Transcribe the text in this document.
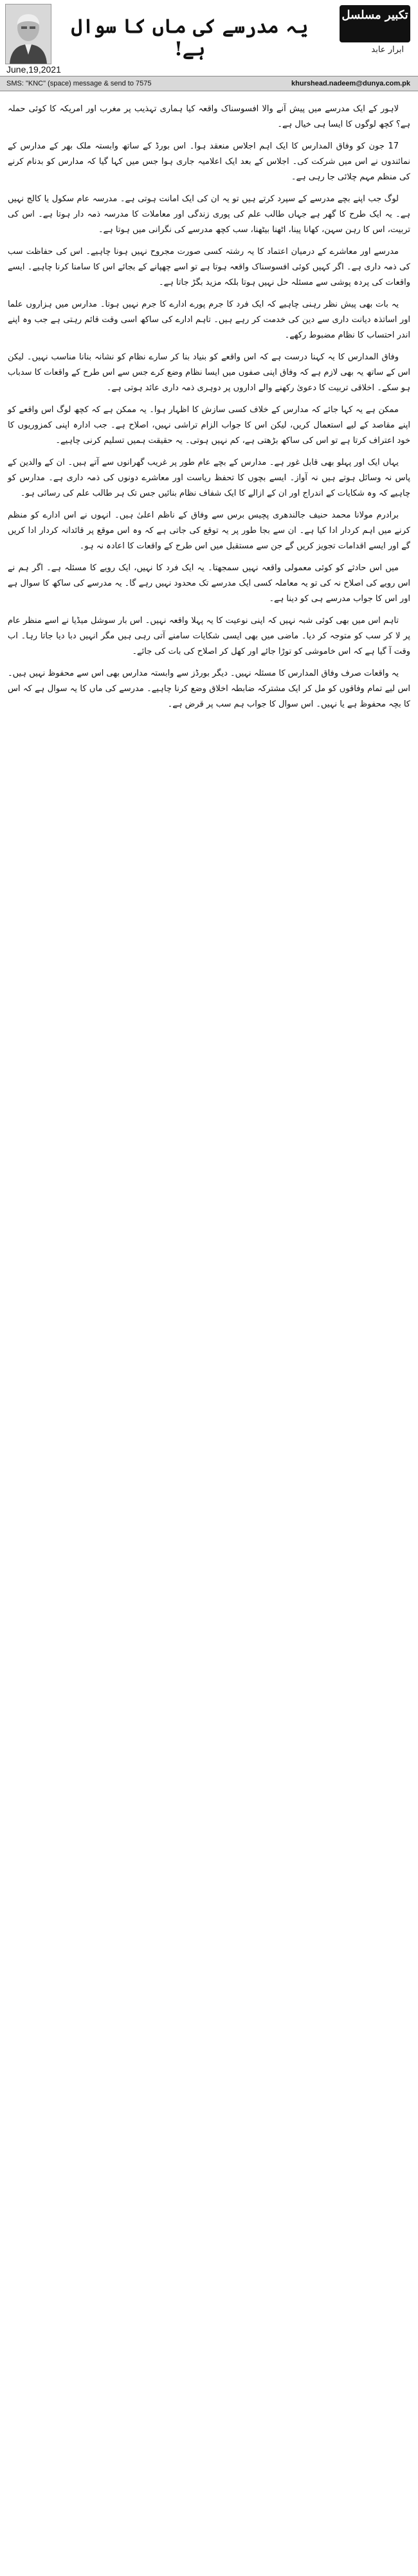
یہ مدرسے کی ماں کا سوال ہے!
تکبیر مسلسل
ابرار عابد
June,19,2021
SMS: "KNC" (space) message & send to 7575	khurshead.nadeem@dunya.com.pk

لاہور کے ایک مدرسے میں پیش آنے والا افسوسناک واقعہ کیا ہماری تہذیب پر مغرب اور امریکہ کا کوئی حملہ ہے؟ کچھ لوگوں کا ایسا ہی خیال ہے۔

17 جون کو وفاق المدارس کا ایک اہم اجلاس منعقد ہوا۔ اس بورڈ کے ساتھ وابستہ ملک بھر کے مدارس کے نمائندوں نے اس میں شرکت کی۔ اجلاس کے بعد ایک اعلامیہ جاری ہوا جس میں کہا گیا کہ مدارس کو بدنام کرنے کی منظم مہم چلائی جا رہی ہے۔

لوگ جب اپنے بچے مدرسے کے سپرد کرتے ہیں تو یہ ان کی ایک امانت ہوتی ہے۔ مدرسہ عام سکول یا کالج نہیں ہے۔ یہ ایک طرح کا گھر ہے جہاں طالب علم کی پوری زندگی اور معاملات کا مدرسہ ذمہ دار ہوتا ہے۔ اس کی تربیت، اس کا رہن سہن، کھانا پینا، اٹھنا بیٹھنا، سب کچھ مدرسے کی نگرانی میں ہوتا ہے۔

مدرسے اور معاشرے کے درمیان اعتماد کا یہ رشتہ کسی صورت مجروح نہیں ہونا چاہیے۔ اس کی حفاظت سب کی ذمہ داری ہے۔ اگر کہیں کوئی افسوسناک واقعہ ہوتا ہے تو اسے چھپانے کے بجائے اس کا سامنا کرنا چاہیے۔ ایسے واقعات کی پردہ پوشی سے مسئلہ حل نہیں ہوتا بلکہ مزید بگڑ جاتا ہے۔

یہ بات بھی پیش نظر رہنی چاہیے کہ ایک فرد کا جرم پورے ادارے کا جرم نہیں ہوتا۔ مدارس میں ہزاروں علما اور اساتذہ دیانت داری سے دین کی خدمت کر رہے ہیں۔ تاہم ادارے کی ساکھ اسی وقت قائم رہتی ہے جب وہ اپنے اندر احتساب کا نظام مضبوط رکھے۔

وفاق المدارس کا یہ کہنا درست ہے کہ اس واقعے کو بنیاد بنا کر سارے نظام کو نشانہ بنانا مناسب نہیں۔ لیکن اس کے ساتھ یہ بھی لازم ہے کہ وفاق اپنی صفوں میں ایسا نظام وضع کرے جس سے اس طرح کے واقعات کا سدباب ہو سکے۔ اخلاقی تربیت کا دعویٰ رکھنے والے اداروں پر دوہری ذمہ داری عائد ہوتی ہے۔

ممکن ہے یہ کہا جائے کہ مدارس کے خلاف کسی سازش کا اظہار ہوا۔ یہ ممکن ہے کہ کچھ لوگ اس واقعے کو اپنے مقاصد کے لیے استعمال کریں، لیکن اس کا جواب الزام تراشی نہیں، اصلاح ہے۔ جب ادارہ اپنی کمزوریوں کا خود اعتراف کرتا ہے تو اس کی ساکھ بڑھتی ہے، کم نہیں ہوتی۔ یہ حقیقت ہمیں تسلیم کرنی چاہیے۔

یہاں ایک اور پہلو بھی قابل غور ہے۔ مدارس کے بچے عام طور پر غریب گھرانوں سے آتے ہیں۔ ان کے والدین کے پاس نہ وسائل ہوتے ہیں نہ آواز۔ ایسے بچوں کا تحفظ ریاست اور معاشرے دونوں کی ذمہ داری ہے۔ مدارس کو چاہیے کہ وہ شکایات کے اندراج اور ان کے ازالے کا ایک شفاف نظام بنائیں جس تک ہر طالب علم کی رسائی ہو۔

برادرم مولانا محمد حنیف جالندھری پچیس برس سے وفاق کے ناظم اعلیٰ ہیں۔ انہوں نے اس ادارے کو منظم کرنے میں اہم کردار ادا کیا ہے۔ ان سے بجا طور پر یہ توقع کی جاتی ہے کہ وہ اس موقع پر قائدانہ کردار ادا کریں گے اور ایسے اقدامات تجویز کریں گے جن سے مستقبل میں اس طرح کے واقعات کا اعادہ نہ ہو۔

میں اس حادثے کو کوئی معمولی واقعہ نہیں سمجھتا۔ یہ ایک فرد کا نہیں، ایک رویے کا مسئلہ ہے۔ اگر ہم نے اس رویے کی اصلاح نہ کی تو یہ معاملہ کسی ایک مدرسے تک محدود نہیں رہے گا۔ یہ مدرسے کی ساکھ کا سوال ہے اور اس کا جواب مدرسے ہی کو دینا ہے۔

تاہم اس میں بھی کوئی شبہ نہیں کہ اپنی نوعیت کا یہ پہلا واقعہ نہیں۔ اس بار سوشل میڈیا نے اسے منظر عام پر لا کر سب کو متوجہ کر دیا۔ ماضی میں بھی ایسی شکایات سامنے آتی رہی ہیں مگر انہیں دبا دیا جاتا رہا۔ اب وقت آ گیا ہے کہ اس خاموشی کو توڑا جائے اور کھل کر اصلاح کی بات کی جائے۔

یہ واقعات صرف وفاق المدارس کا مسئلہ نہیں۔ دیگر بورڈز سے وابستہ مدارس بھی اس سے محفوظ نہیں ہیں۔ اس لیے تمام وفاقوں کو مل کر ایک مشترکہ ضابطہ اخلاق وضع کرنا چاہیے۔ مدرسے کی ماں کا یہ سوال ہے کہ اس کا بچہ محفوظ ہے یا نہیں۔ اس سوال کا جواب ہم سب پر قرض ہے۔
